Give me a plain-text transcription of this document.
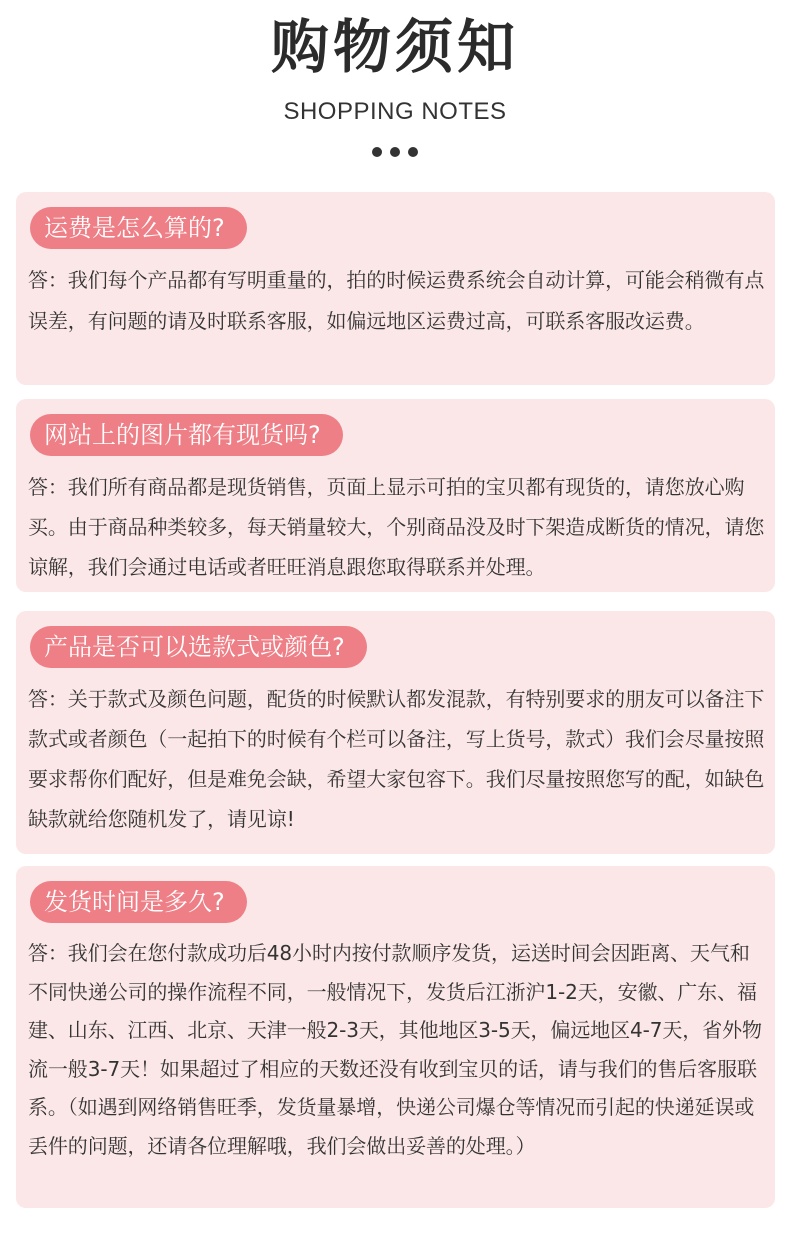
购物须知
SHOPPING NOTES
运费是怎么算的?

答：我们每个产品都有写明重量的，拍的时候运费系统会自动计算，可能会稍微有点误差，有问题的请及时联系客服，如偏远地区运费过高，可联系客服改运费。

网站上的图片都有现货吗?

答：我们所有商品都是现货销售，页面上显示可拍的宝贝都有现货的，请您放心购买。由于商品种类较多，每天销量较大，个别商品没及时下架造成断货的情况，请您谅解，我们会通过电话或者旺旺消息跟您取得联系并处理。

产品是否可以选款式或颜色?

答：关于款式及颜色问题，配货的时候默认都发混款，有特别要求的朋友可以备注下款式或者颜色（一起拍下的时候有个栏可以备注，写上货号，款式）我们会尽量按照要求帮你们配好，但是难免会缺，希望大家包容下。我们尽量按照您写的配，如缺色缺款就给您随机发了，请见谅!

发货时间是多久?

答：我们会在您付款成功后48小时内按付款顺序发货，运送时间会因距离、天气和不同快递公司的操作流程不同，一般情况下，发货后江浙沪1-2天，安徽、广东、福建、山东、江西、北京、天津一般2-3天，其他地区3-5天，偏远地区4-7天，省外物流一般3-7天！如果超过了相应的天数还没有收到宝贝的话，请与我们的售后客服联系。（如遇到网络销售旺季，发货量暴增，快递公司爆仓等情况而引起的快递延误或丢件的问题，还请各位理解哦，我们会做出妥善的处理。）
